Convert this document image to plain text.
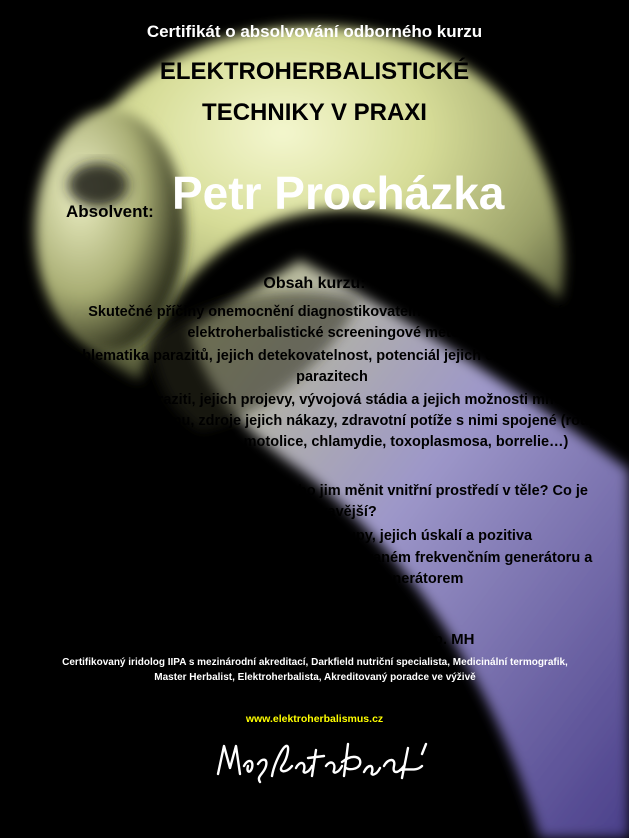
Certifikát o absolvování odborného kurzu
ELEKTROHERBALISTICKÉ
TECHNIKY V PRAXI
Absolvent: Petr Procházka
Obsah kurzu:
-	Skutečné příčiny onemocnění diagnostikovatelné skze naturopatické a elektroherbalistické screeningové metody
-	Problematika parazitů, jejich detekovatelnost, potenciál jejich eliminace, mýty o parazitech
-	Nejčastější paraziti, jejich projevy, vývojová stádia a jejich možnosti množení v lidském organismu, zdroje jejich nákazy, zdravotní potíže s nimi spojené (roupi, škrkavky, tasemnice, motolice, chlamydie, toxoplasmosa, borrelie…)
-	Viry, bakterie, plísně – zabíjet nebo jim měnit vnitřní prostředí v těle? Co je prozíravější?
-	Naturopatické detoxikační postupy, jejich úskalí a pozitiva
-	Zkušenosti s detekcí patogenů na certifikovaném frekvenčním generátoru a zkušenosti s plasmovým generátorem
Lektor: Mgr. Kateřina Konrádová, CI, Dip. MH
Certifikovaný iridolog IIPA s mezinárodní akreditací, Darkfield nutriční specialista, Medicinální termografik, Master Herbalist, Elektroherbalista, Akreditovaný poradce ve výživě
www.elektroherbalismus.cz
Datum: 15.5. 2013
